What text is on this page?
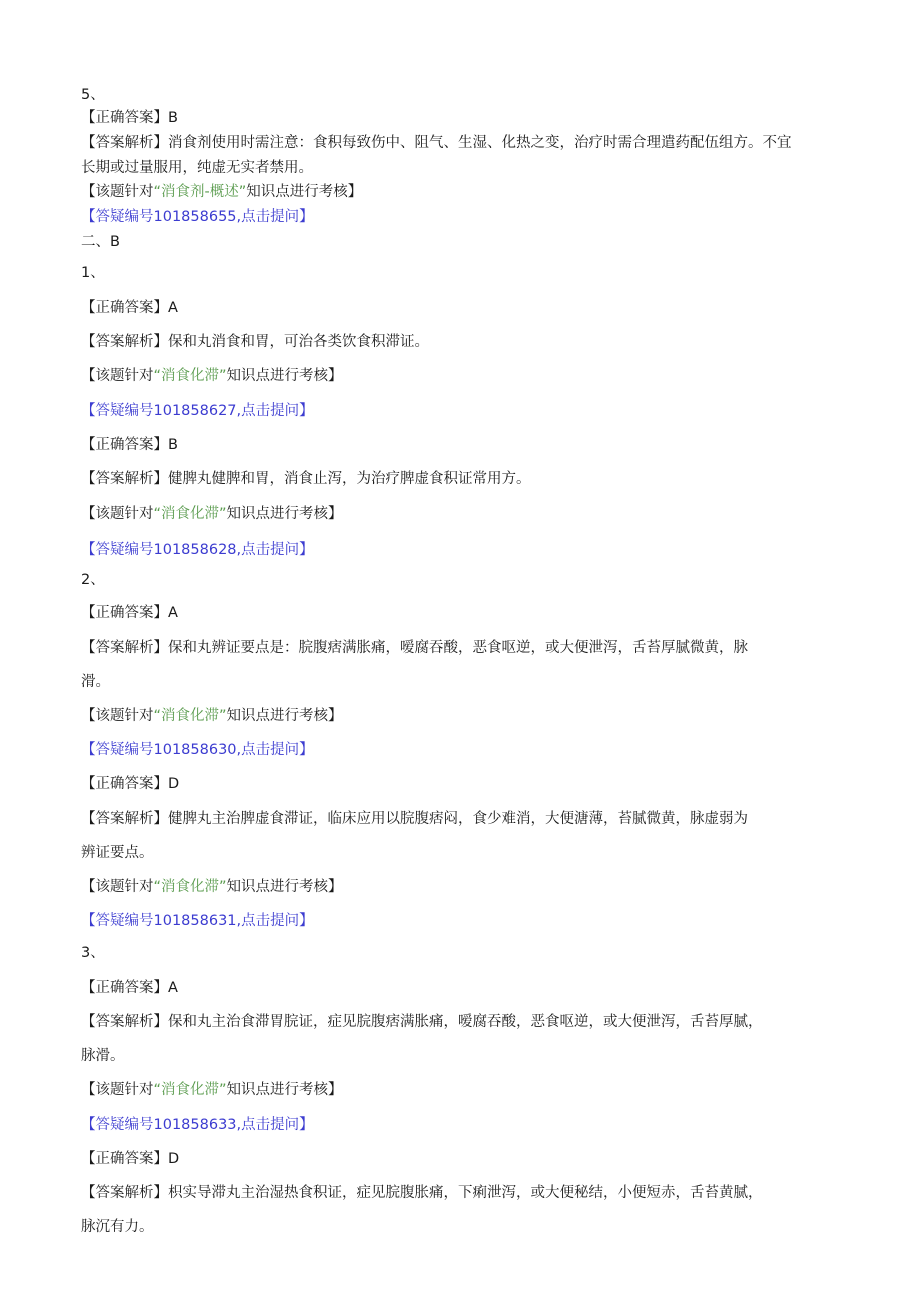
5、
【正确答案】B
【答案解析】消食剂使用时需注意：食积每致伤中、阻气、生湿、化热之变，治疗时需合理遣药配伍组方。不宜
长期或过量服用，纯虚无实者禁用。
【该题针对“消食剂-概述”知识点进行考核】
【答疑编号101858655,点击提问】
二、B
1、
【正确答案】A
【答案解析】保和丸消食和胃，可治各类饮食积滞证。
【该题针对“消食化滞”知识点进行考核】
【答疑编号101858627,点击提问】
【正确答案】B
【答案解析】健脾丸健脾和胃，消食止泻，为治疗脾虚食积证常用方。
【该题针对“消食化滞”知识点进行考核】
【答疑编号101858628,点击提问】
2、
【正确答案】A
【答案解析】保和丸辨证要点是：脘腹痞满胀痛，嗳腐吞酸，恶食呕逆，或大便泄泻，舌苔厚腻微黄，脉
滑。
【该题针对“消食化滞”知识点进行考核】
【答疑编号101858630,点击提问】
【正确答案】D
【答案解析】健脾丸主治脾虚食滞证，临床应用以脘腹痞闷，食少难消，大便溏薄，苔腻微黄，脉虚弱为
辨证要点。
【该题针对“消食化滞”知识点进行考核】
【答疑编号101858631,点击提问】
3、
【正确答案】A
【答案解析】保和丸主治食滞胃脘证，症见脘腹痞满胀痛，嗳腐吞酸，恶食呕逆，或大便泄泻，舌苔厚腻，
脉滑。
【该题针对“消食化滞”知识点进行考核】
【答疑编号101858633,点击提问】
【正确答案】D
【答案解析】枳实导滞丸主治湿热食积证，症见脘腹胀痛，下痢泄泻，或大便秘结，小便短赤，舌苔黄腻，
脉沉有力。
